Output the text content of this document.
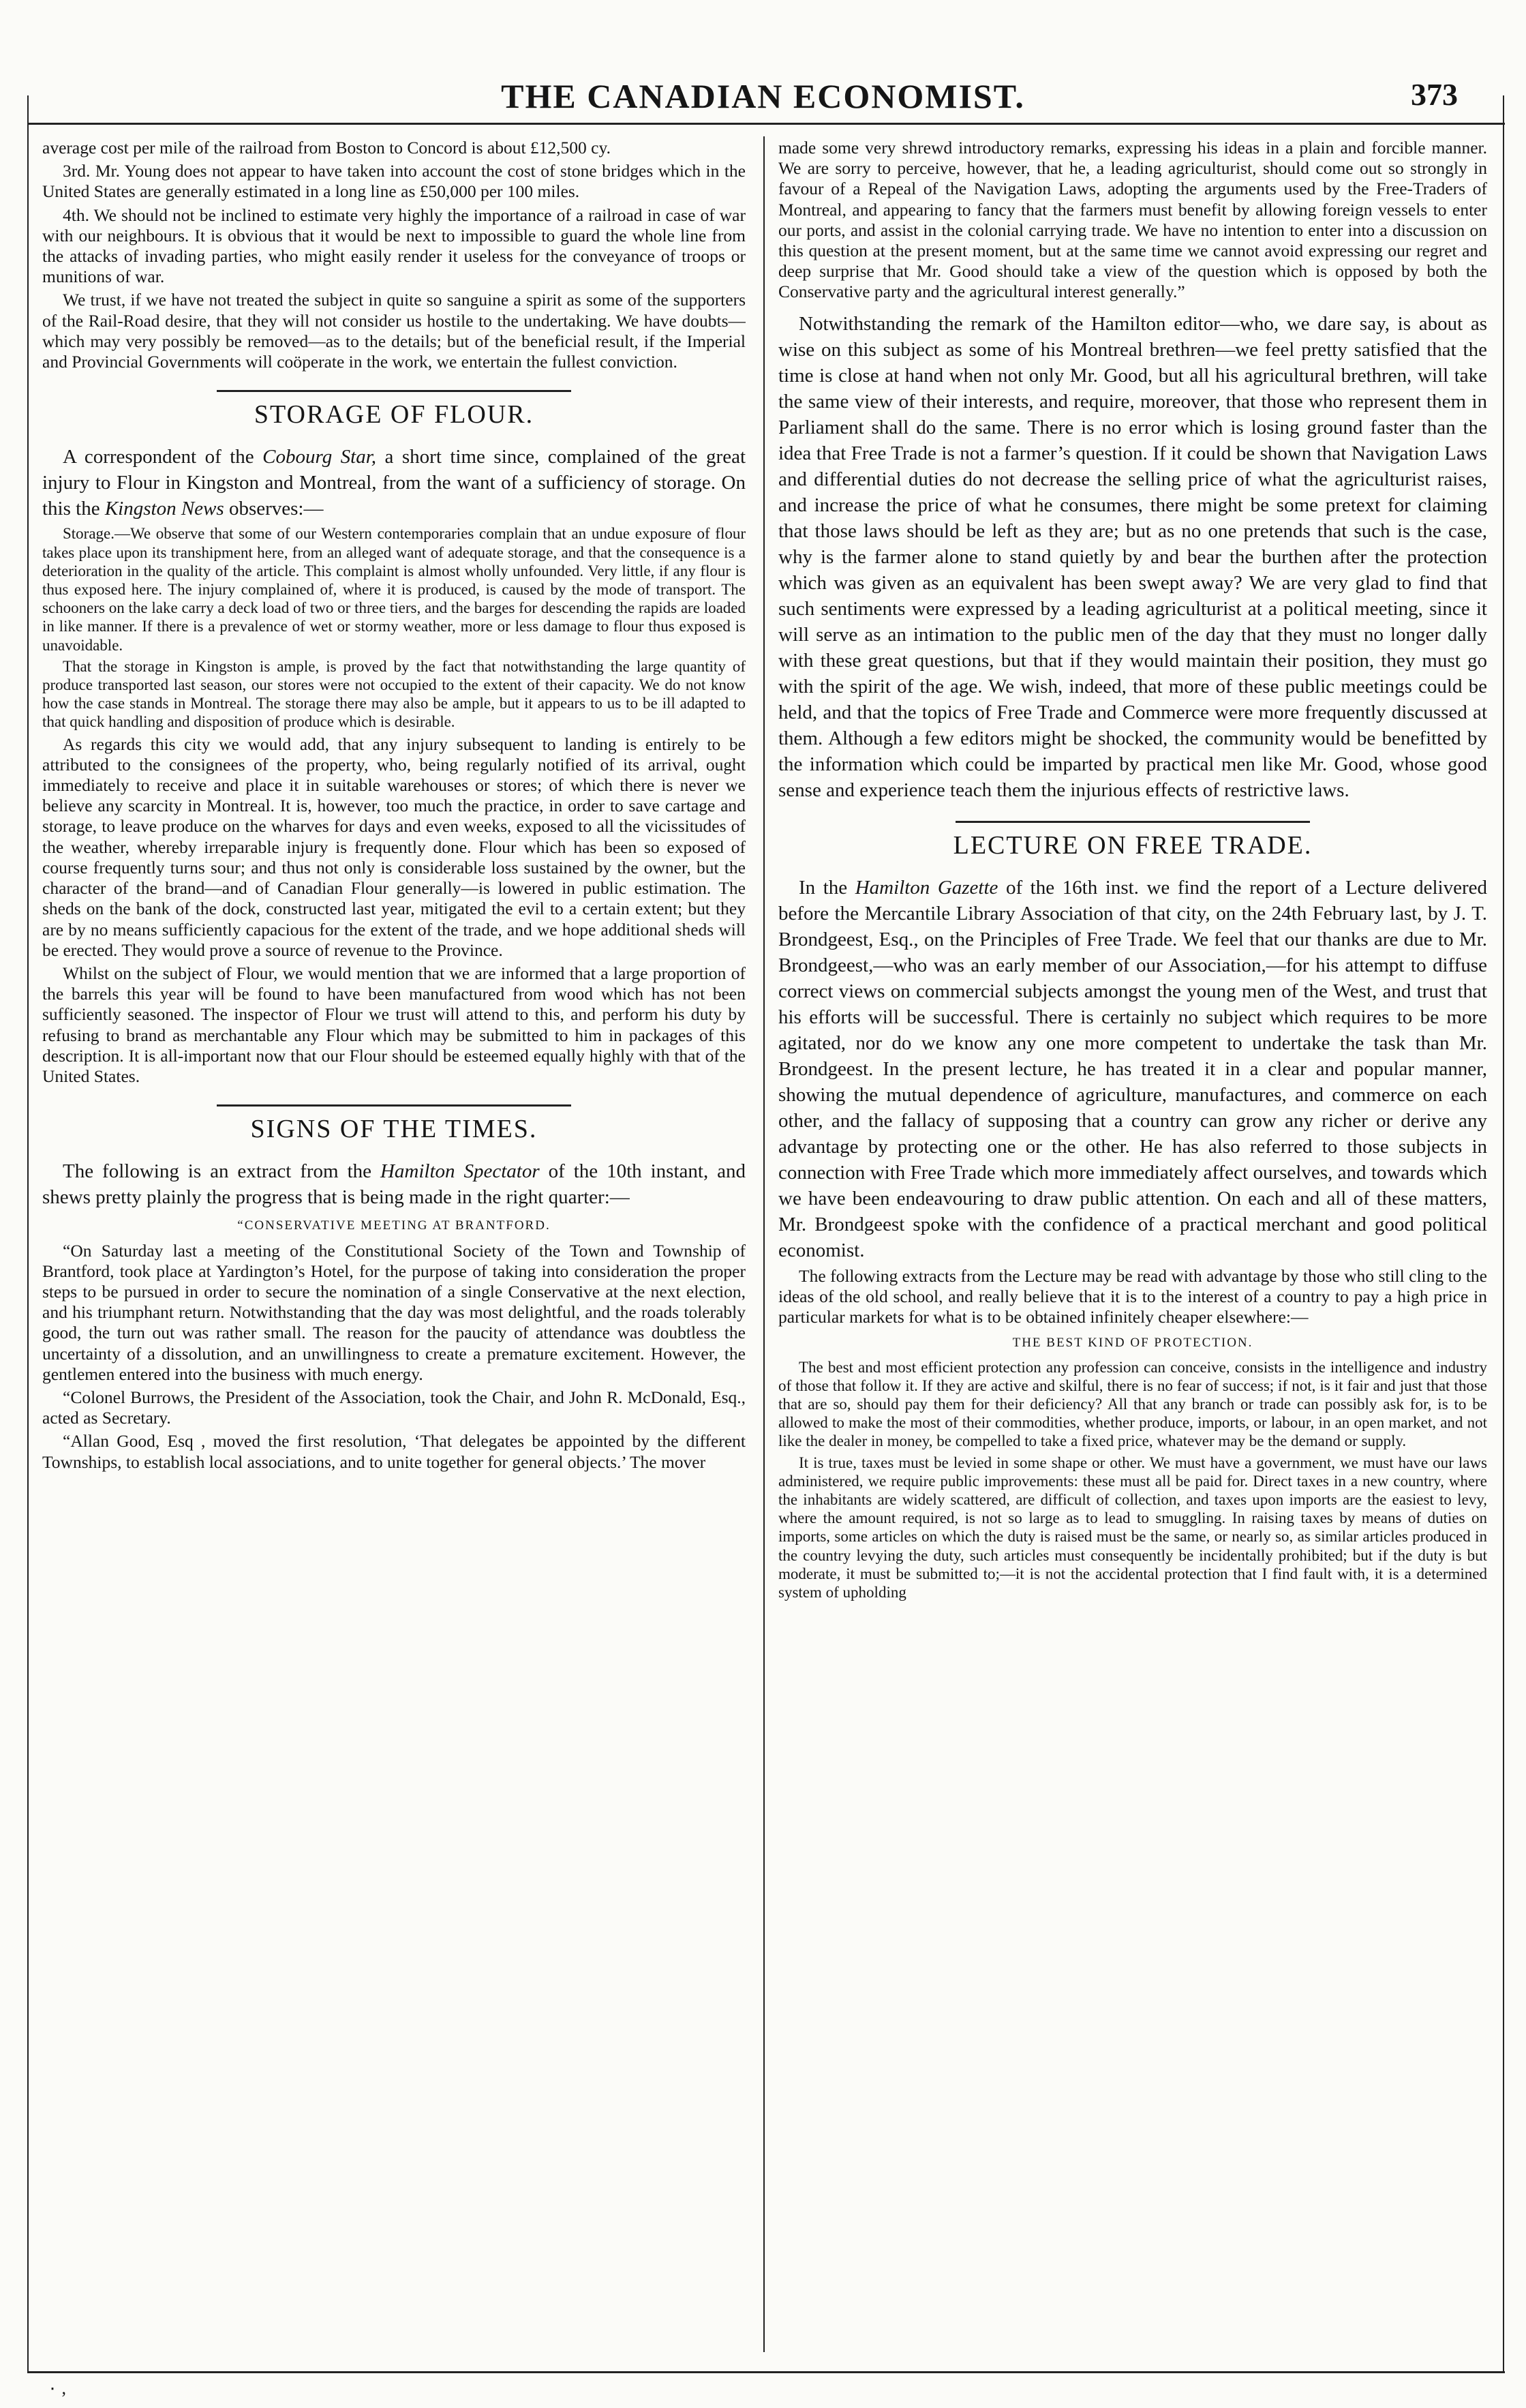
THE CANADIAN ECONOMIST.	373

average cost per mile of the railroad from Boston to Concord is about £12,500 cy.

3rd. Mr. Young does not appear to have taken into account the cost of stone bridges which in the United States are generally estimated in a long line as £50,000 per 100 miles.

4th. We should not be inclined to estimate very highly the importance of a railroad in case of war with our neighbours. It is obvious that it would be next to impossible to guard the whole line from the attacks of invading parties, who might easily render it useless for the conveyance of troops or munitions of war.

We trust, if we have not treated the subject in quite so sanguine a spirit as some of the supporters of the Rail-Road desire, that they will not consider us hostile to the undertaking. We have doubts—which may very possibly be removed—as to the details; but of the beneficial result, if the Imperial and Provincial Governments will coöperate in the work, we entertain the fullest conviction.

STORAGE OF FLOUR.

A correspondent of the Cobourg Star, a short time since, complained of the great injury to Flour in Kingston and Montreal, from the want of a sufficiency of storage. On this the Kingston News observes:—

Storage.—We observe that some of our Western contemporaries complain that an undue exposure of flour takes place upon its transhipment here, from an alleged want of adequate storage, and that the consequence is a deterioration in the quality of the article. This complaint is almost wholly unfounded. Very little, if any flour is thus exposed here. The injury complained of, where it is produced, is caused by the mode of transport. The schooners on the lake carry a deck load of two or three tiers, and the barges for descending the rapids are loaded in like manner. If there is a prevalence of wet or stormy weather, more or less damage to flour thus exposed is unavoidable.

That the storage in Kingston is ample, is proved by the fact that notwithstanding the large quantity of produce transported last season, our stores were not occupied to the extent of their capacity. We do not know how the case stands in Montreal. The storage there may also be ample, but it appears to us to be ill adapted to that quick handling and disposition of produce which is desirable.

As regards this city we would add, that any injury subsequent to landing is entirely to be attributed to the consignees of the property, who, being regularly notified of its arrival, ought immediately to receive and place it in suitable warehouses or stores; of which there is never we believe any scarcity in Montreal. It is, however, too much the practice, in order to save cartage and storage, to leave produce on the wharves for days and even weeks, exposed to all the vicissitudes of the weather, whereby irreparable injury is frequently done. Flour which has been so exposed of course frequently turns sour; and thus not only is considerable loss sustained by the owner, but the character of the brand—and of Canadian Flour generally—is lowered in public estimation. The sheds on the bank of the dock, constructed last year, mitigated the evil to a certain extent; but they are by no means sufficiently capacious for the extent of the trade, and we hope additional sheds will be erected. They would prove a source of revenue to the Province.

Whilst on the subject of Flour, we would mention that we are informed that a large proportion of the barrels this year will be found to have been manufactured from wood which has not been sufficiently seasoned. The inspector of Flour we trust will attend to this, and perform his duty by refusing to brand as merchantable any Flour which may be submitted to him in packages of this description. It is all-important now that our Flour should be esteemed equally highly with that of the United States.

SIGNS OF THE TIMES.

The following is an extract from the Hamilton Spectator of the 10th instant, and shews pretty plainly the progress that is being made in the right quarter:—

“CONSERVATIVE MEETING AT BRANTFORD.

“On Saturday last a meeting of the Constitutional Society of the Town and Township of Brantford, took place at Yardington’s Hotel, for the purpose of taking into consideration the proper steps to be pursued in order to secure the nomination of a single Conservative at the next election, and his triumphant return. Notwithstanding that the day was most delightful, and the roads tolerably good, the turn out was rather small. The reason for the paucity of attendance was doubtless the uncertainty of a dissolution, and an unwillingness to create a premature excitement. However, the gentlemen entered into the business with much energy.

“Colonel Burrows, the President of the Association, took the Chair, and John R. McDonald, Esq., acted as Secretary.

“Allan Good, Esq , moved the first resolution, ‘That delegates be appointed by the different Townships, to establish local associations, and to unite together for general objects.’ The mover

made some very shrewd introductory remarks, expressing his ideas in a plain and forcible manner. We are sorry to perceive, however, that he, a leading agriculturist, should come out so strongly in favour of a Repeal of the Navigation Laws, adopting the arguments used by the Free-Traders of Montreal, and appearing to fancy that the farmers must benefit by allowing foreign vessels to enter our ports, and assist in the colonial carrying trade. We have no intention to enter into a discussion on this question at the present moment, but at the same time we cannot avoid expressing our regret and deep surprise that Mr. Good should take a view of the question which is opposed by both the Conservative party and the agricultural interest generally.”

Notwithstanding the remark of the Hamilton editor—who, we dare say, is about as wise on this subject as some of his Montreal brethren—we feel pretty satisfied that the time is close at hand when not only Mr. Good, but all his agricultural brethren, will take the same view of their interests, and require, moreover, that those who represent them in Parliament shall do the same. There is no error which is losing ground faster than the idea that Free Trade is not a farmer’s question. If it could be shown that Navigation Laws and differential duties do not decrease the selling price of what the agriculturist raises, and increase the price of what he consumes, there might be some pretext for claiming that those laws should be left as they are; but as no one pretends that such is the case, why is the farmer alone to stand quietly by and bear the burthen after the protection which was given as an equivalent has been swept away? We are very glad to find that such sentiments were expressed by a leading agriculturist at a political meeting, since it will serve as an intimation to the public men of the day that they must no longer dally with these great questions, but that if they would maintain their position, they must go with the spirit of the age. We wish, indeed, that more of these public meetings could be held, and that the topics of Free Trade and Commerce were more frequently discussed at them. Although a few editors might be shocked, the community would be benefitted by the information which could be imparted by practical men like Mr. Good, whose good sense and experience teach them the injurious effects of restrictive laws.

LECTURE ON FREE TRADE.

In the Hamilton Gazette of the 16th inst. we find the report of a Lecture delivered before the Mercantile Library Association of that city, on the 24th February last, by J. T. Brondgeest, Esq., on the Principles of Free Trade. We feel that our thanks are due to Mr. Brondgeest,—who was an early member of our Association,—for his attempt to diffuse correct views on commercial subjects amongst the young men of the West, and trust that his efforts will be successful. There is certainly no subject which requires to be more agitated, nor do we know any one more competent to undertake the task than Mr. Brondgeest. In the present lecture, he has treated it in a clear and popular manner, showing the mutual dependence of agriculture, manufactures, and commerce on each other, and the fallacy of supposing that a country can grow any richer or derive any advantage by protecting one or the other. He has also referred to those subjects in connection with Free Trade which more immediately affect ourselves, and towards which we have been endeavouring to draw public attention. On each and all of these matters, Mr. Brondgeest spoke with the confidence of a practical merchant and good political economist.

The following extracts from the Lecture may be read with advantage by those who still cling to the ideas of the old school, and really believe that it is to the interest of a country to pay a high price in particular markets for what is to be obtained infinitely cheaper elsewhere:—

THE BEST KIND OF PROTECTION.

The best and most efficient protection any profession can conceive, consists in the intelligence and industry of those that follow it. If they are active and skilful, there is no fear of success; if not, is it fair and just that those that are so, should pay them for their deficiency? All that any branch or trade can possibly ask for, is to be allowed to make the most of their commodities, whether produce, imports, or labour, in an open market, and not like the dealer in money, be compelled to take a fixed price, whatever may be the demand or supply.

It is true, taxes must be levied in some shape or other. We must have a government, we must have our laws administered, we require public improvements: these must all be paid for. Direct taxes in a new country, where the inhabitants are widely scattered, are difficult of collection, and taxes upon imports are the easiest to levy, where the amount required, is not so large as to lead to smuggling. In raising taxes by means of duties on imports, some articles on which the duty is raised must be the same, or nearly so, as similar articles produced in the country levying the duty, such articles must consequently be incidentally prohibited; but if the duty is but moderate, it must be submitted to;—it is not the accidental protection that I find fault with, it is a determined system of upholding

٠ ,
